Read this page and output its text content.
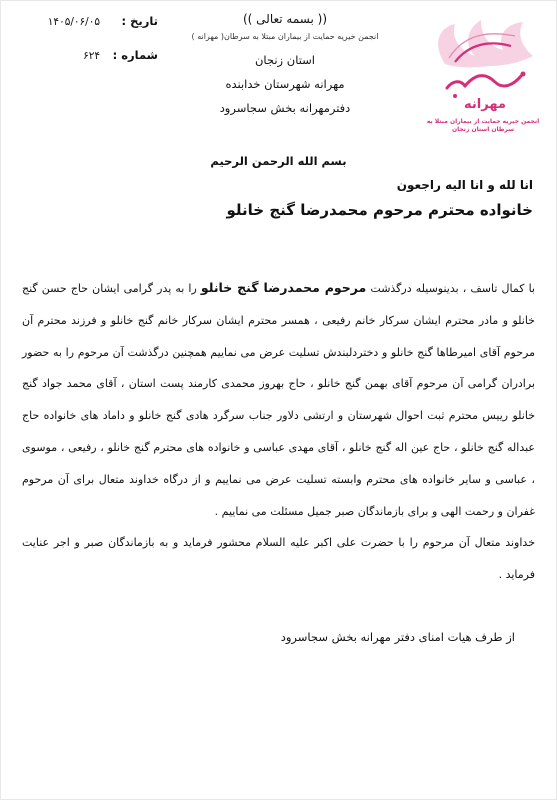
(( بسمه تعالی ))
انجمن خیریه حمایت از بیماران مبتلا به سرطان( مهرانه )
استان زنجان
مهرانه شهرستان خدابنده
دفترمهرانه بخش سجاسرود	مهرانه
انجمن خیریه حمایت از بیماران مبتلا به سرطان استان زنجان
تاریخ :
۱۴۰۵/۰۶/۰۵
شماره :
۶۲۴
بسم الله الرحمن الرحیم
انا لله و انا الیه راجعون
خانواده محترم مرحوم محمدرضا گنج خانلو

با کمال تاسف ، بدینوسیله درگذشت مرحوم محمدرضا گنج خانلو را به پدر گرامی ایشان حاج حسن گنج خانلو و مادر محترم ایشان سرکار خانم رفیعی ، همسر محترم ایشان سرکار خانم گنج خانلو و فرزند محترم آن مرحوم آقای امیرطاها گنج خانلو و دختردلبندش تسلیت عرض می نماییم همچنین درگذشت آن مرحوم را به حضور برادران گرامی آن مرحوم آقای بهمن گنج خانلو ، حاج بهروز محمدی کارمند پست استان ، آقای محمد جواد گنج خانلو رییس محترم ثبت احوال شهرستان و ارتشی دلاور جناب سرگرد هادی گنج خانلو و داماد های خانواده حاج عبداله گنج خانلو ، حاج عین اله گنج خانلو ، آقای مهدی عباسی و خانواده های محترم گنج خانلو ، رفیعی ، موسوی ، عباسی و سایر خانواده های محترم وابسته تسلیت عرض می نماییم و از درگاه خداوند متعال برای آن مرحوم غفران و رحمت الهی و برای بازماندگان صبر جمیل مسئلت می نماییم .

خداوند متعال آن مرحوم را با حضرت علی اکبر علیه السلام محشور فرماید و به بازماندگان صبر و اجر عنایت فرماید .

از طرف هیات امنای دفتر مهرانه بخش سجاسرود
